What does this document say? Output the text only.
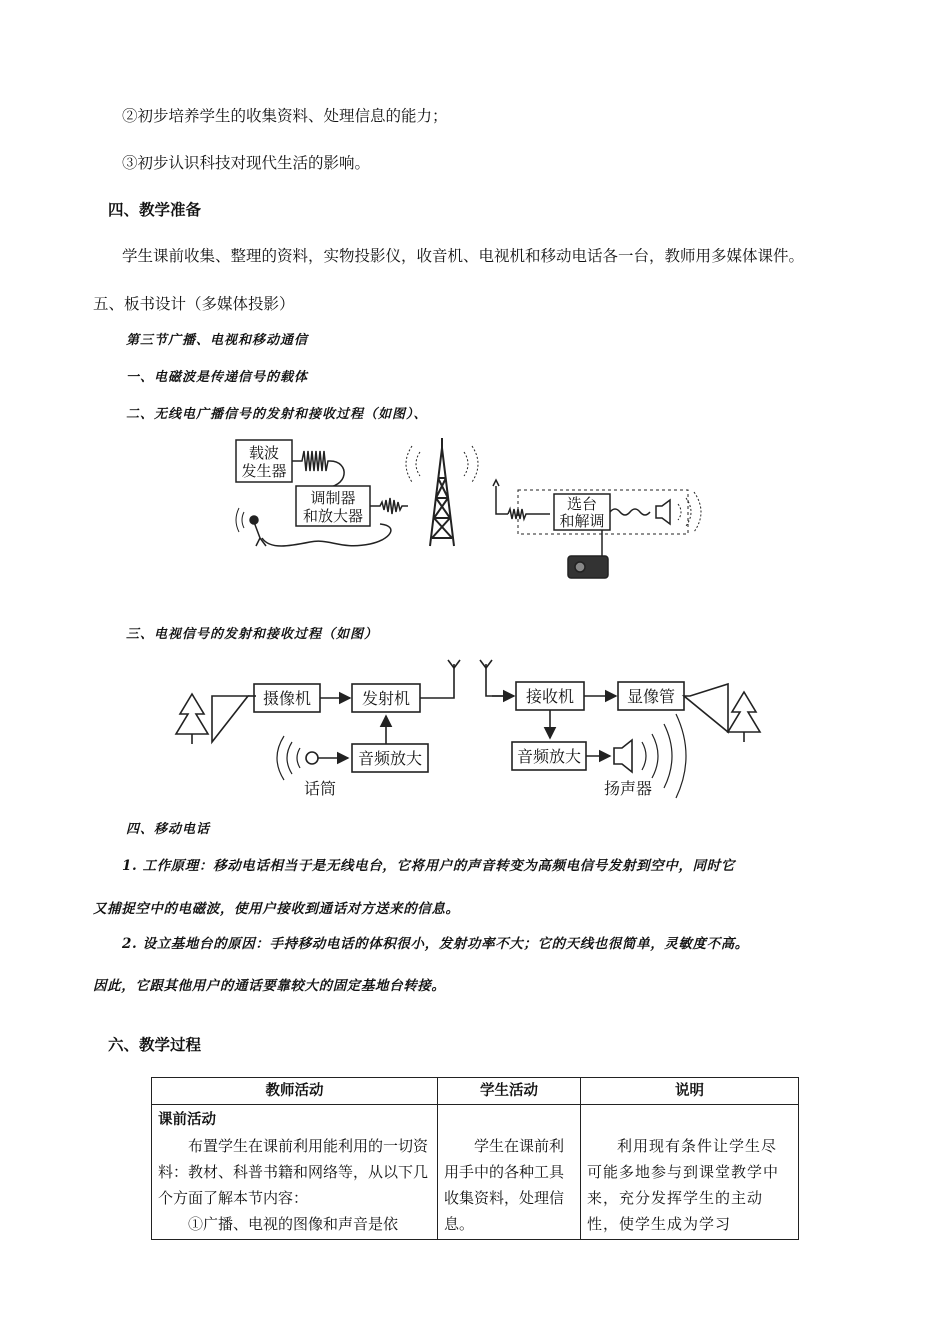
②初步培养学生的收集资料、处理信息的能力；
③初步认识科技对现代生活的影响。
四、教学准备
学生课前收集、整理的资料，实物投影仪，收音机、电视机和移动电话各一台，教师用多媒体课件。
五、板书设计（多媒体投影）
第三节广播、电视和移动通信
一、电磁波是传递信号的载体
二、无线电广播信号的发射和接收过程（如图）、
载波
发生器
调制器
和放大器
选台
和解调
三、电视信号的发射和接收过程（如图）
摄像机	发射机
音频放大
话筒
接收机	显像管
音频放大
扬声器
四、移动电话
1. 工作原理：移动电话相当于是无线电台，它将用户的声音转变为高频电信号发射到空中，同时它
又捕捉空中的电磁波，使用户接收到通话对方送来的信息。
2. 设立基地台的原因：手持移动电话的体积很小，发射功率不大；它的天线也很简单，灵敏度不高。
因此，它跟其他用户的通话要靠较大的固定基地台转接。
六、教学过程
教师活动	学生活动	说明

课前活动
布置学生在课前利用能利用的一切资料：教材、科普书籍和网络等，从以下几个方面了解本节内容：
①广播、电视的图像和声音是依	学生在课前利用手中的各种工具收集资料，处理信息。	利用现有条件让学生尽可能多地参与到课堂教学中来，充分发挥学生的主动性，使学生成为学习
